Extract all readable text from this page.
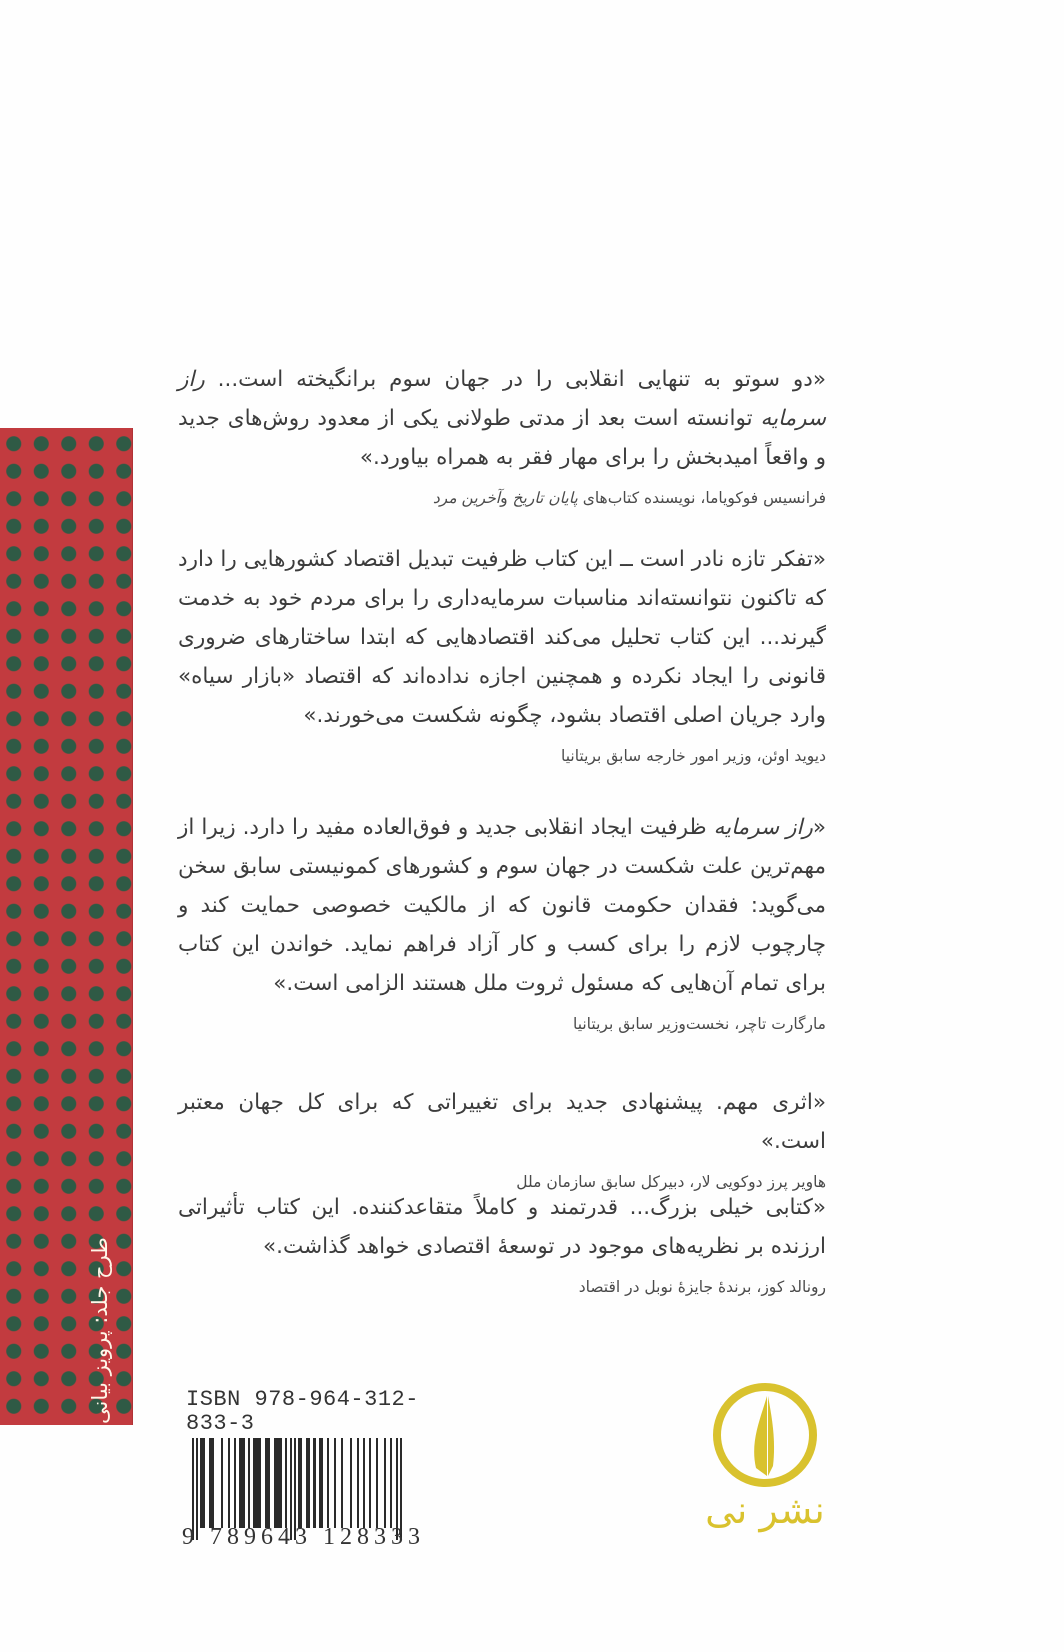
طرح جلد: پرویز بیانی
«دو سوتو به تنهایی انقلابی را در جهان سوم برانگیخته است... راز سرمایه توانسته است بعد از مدتی طولانی یکی از معدود روش‌های جدید و واقعاً امیدبخش را برای مهار فقر به همراه بیاورد.»
فرانسیس فوکویاما، نویسنده کتاب‌های پایان تاریخ وآخرین مرد
«تفکر تازه نادر است ــ این کتاب ظرفیت تبدیل اقتصاد کشورهایی را دارد که تاکنون نتوانسته‌اند مناسبات سرمایه‌داری را برای مردم خود به خدمت گیرند... این کتاب تحلیل می‌کند اقتصادهایی که ابتدا ساختارهای ضروری قانونی را ایجاد نکرده و همچنین اجازه نداده‌اند که اقتصاد «بازار سیاه» وارد جریان اصلی اقتصاد بشود، چگونه شکست می‌خورند.»
دیوید اوئن، وزیر امور خارجه سابق بریتانیا
«راز سرمایه ظرفیت ایجاد انقلابی جدید و فوق‌العاده مفید را دارد. زیرا از مهم‌ترین علت شکست در جهان سوم و کشورهای کمونیستی سابق سخن می‌گوید: فقدان حکومت قانون که از مالکیت خصوصی حمایت کند و چارچوب لازم را برای کسب و کار آزاد فراهم نماید. خواندن این کتاب برای تمام آن‌هایی که مسئول ثروت ملل هستند الزامی است.»
مارگارت تاچر، نخست‌وزیر سابق بریتانیا
«اثری مهم. پیشنهادی جدید برای تغییراتی که برای کل جهان معتبر است.»
هاویر پرز دوکویی لار، دبیرکل سابق سازمان ملل
«کتابی خیلی بزرگ... قدرتمند و کاملاً متقاعدکننده. این کتاب تأثیراتی ارزنده بر نظریه‌های موجود در توسعهٔ اقتصادی خواهد گذاشت.»
رونالد کوز، برندهٔ جایزهٔ نوبل در اقتصاد
ISBN 978-964-312-833-3
9 789643 128333
نشر نی
